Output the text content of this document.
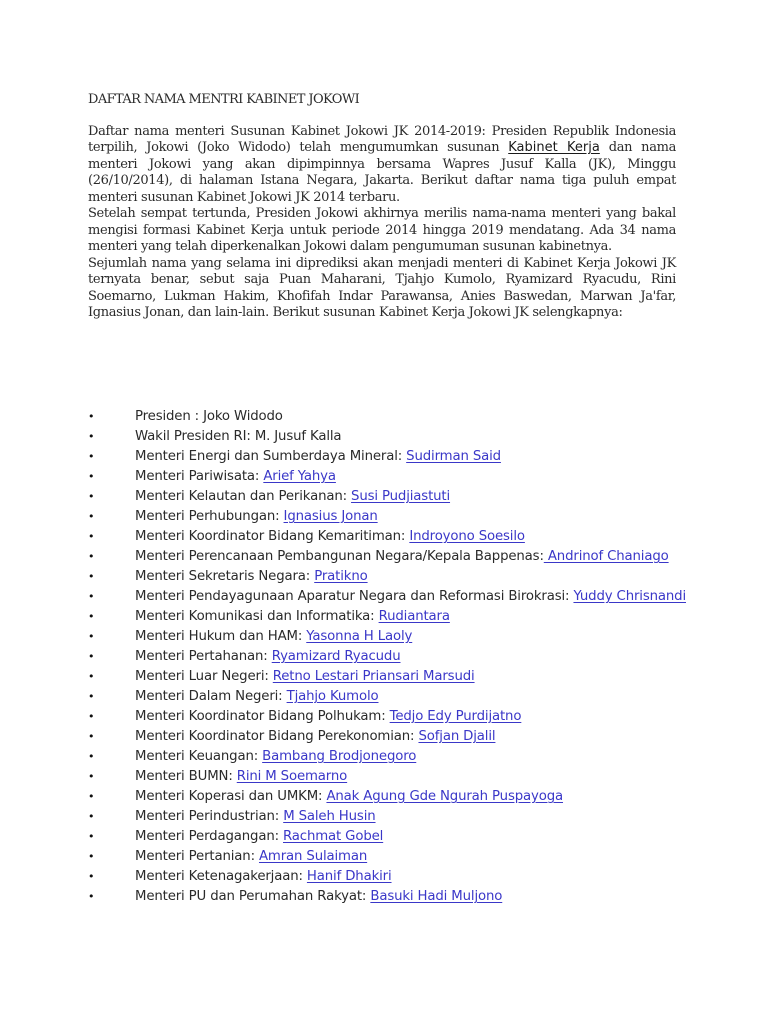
DAFTAR NAMA MENTRI KABINET JOKOWI

Daftar nama menteri Susunan Kabinet Jokowi JK 2014-2019: Presiden Republik Indonesia terpilih, Jokowi (Joko Widodo) telah mengumumkan susunan Kabinet Kerja dan nama menteri Jokowi yang akan dipimpinnya bersama Wapres Jusuf Kalla (JK), Minggu (26/10/2014), di halaman Istana Negara, Jakarta. Berikut daftar nama tiga puluh empat menteri susunan Kabinet Jokowi JK 2014 terbaru.

Setelah sempat tertunda, Presiden Jokowi akhirnya merilis nama-nama menteri yang bakal mengisi formasi Kabinet Kerja untuk periode 2014 hingga 2019 mendatang. Ada 34 nama menteri yang telah diperkenalkan Jokowi dalam pengumuman susunan kabinetnya.

Sejumlah nama yang selama ini diprediksi akan menjadi menteri di Kabinet Kerja Jokowi JK ternyata benar, sebut saja Puan Maharani, Tjahjo Kumolo, Ryamizard Ryacudu, Rini Soemarno, Lukman Hakim, Khofifah Indar Parawansa, Anies Baswedan, Marwan Ja'far, Ignasius Jonan, dan lain-lain. Berikut susunan Kabinet Kerja Jokowi JK selengkapnya:

•	Presiden : Joko Widodo
•	Wakil Presiden RI: M. Jusuf Kalla
•	Menteri Energi dan Sumberdaya Mineral: Sudirman Said
•	Menteri Pariwisata: Arief Yahya
•	Menteri Kelautan dan Perikanan: Susi Pudjiastuti
•	Menteri Perhubungan: Ignasius Jonan
•	Menteri Koordinator Bidang Kemaritiman: Indroyono Soesilo
•	Menteri Perencanaan Pembangunan Negara/Kepala Bappenas: Andrinof Chaniago
•	Menteri Sekretaris Negara: Pratikno
•	Menteri Pendayagunaan Aparatur Negara dan Reformasi Birokrasi: Yuddy Chrisnandi
•	Menteri Komunikasi dan Informatika: Rudiantara
•	Menteri Hukum dan HAM: Yasonna H Laoly
•	Menteri Pertahanan: Ryamizard Ryacudu
•	Menteri Luar Negeri: Retno Lestari Priansari Marsudi
•	Menteri Dalam Negeri: Tjahjo Kumolo
•	Menteri Koordinator Bidang Polhukam: Tedjo Edy Purdijatno
•	Menteri Koordinator Bidang Perekonomian: Sofjan Djalil
•	Menteri Keuangan: Bambang Brodjonegoro
•	Menteri BUMN: Rini M Soemarno
•	Menteri Koperasi dan UMKM: Anak Agung Gde Ngurah Puspayoga
•	Menteri Perindustrian: M Saleh Husin
•	Menteri Perdagangan: Rachmat Gobel
•	Menteri Pertanian: Amran Sulaiman
•	Menteri Ketenagakerjaan: Hanif Dhakiri
•	Menteri PU dan Perumahan Rakyat: Basuki Hadi Muljono
